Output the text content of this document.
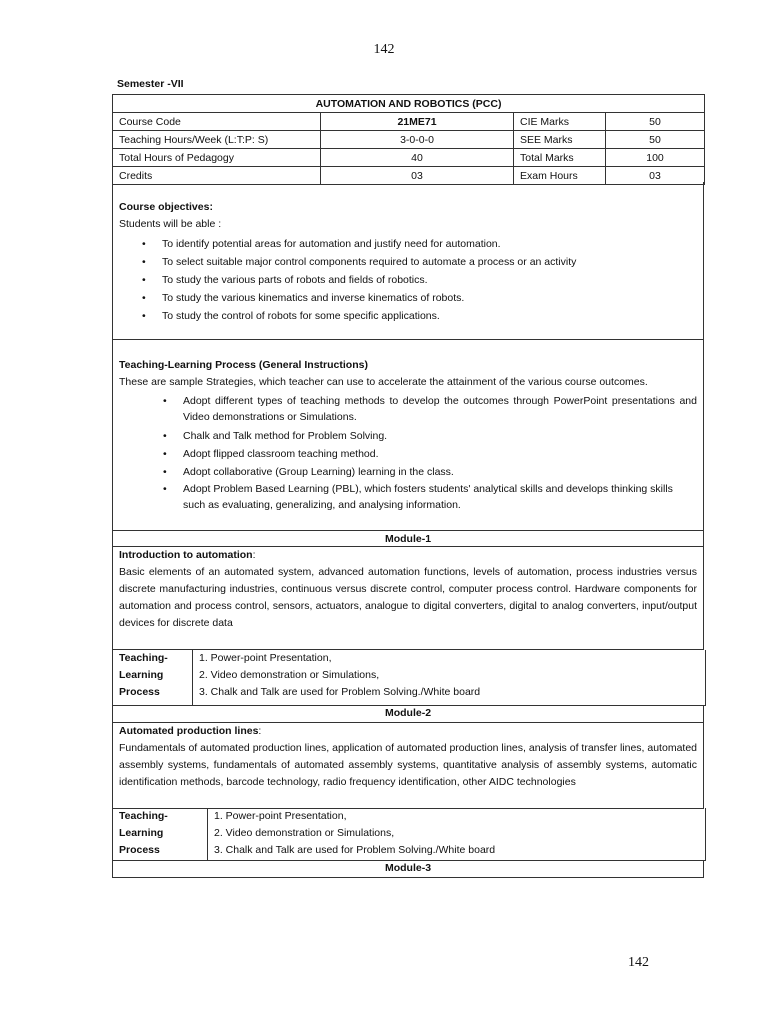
142
Semester -VII
AUTOMATION AND ROBOTICS (PCC)			
Course Code	21ME71	CIE Marks	50
Teaching Hours/Week (L:T:P: S)	3-0-0-0	SEE Marks	50
Total Hours of Pedagogy	40	Total Marks	100
Credits	03	Exam Hours	03

Course objectives:

Students will be able :

• To identify potential areas for automation and justify need for automation.
• To select suitable major control components required to automate a process or an activity
• To study the various parts of robots and fields of robotics.
• To study the various kinematics and inverse kinematics of robots.
• To study the control of robots for some specific applications.

Teaching-Learning Process (General Instructions)

These are sample Strategies, which teacher can use to accelerate the attainment of the various course outcomes.

• Adopt different types of teaching methods to develop the outcomes through PowerPoint presentations and Video demonstrations or Simulations.
• Chalk and Talk method for Problem Solving.
• Adopt flipped classroom teaching method.
• Adopt collaborative (Group Learning) learning in the class.
• Adopt Problem Based Learning (PBL), which fosters students' analytical skills and develops thinking skills such as evaluating, generalizing, and analysing information.
Module-1

Introduction to automation:

Basic elements of an automated system, advanced automation functions, levels of automation, process industries versus discrete manufacturing industries, continuous versus discrete control, computer process control. Hardware components for automation and process control, sensors, actuators, analogue to digital converters, digital to analog converters, input/output devices for discrete data

Teaching-
Learning
Process
1. Power-point Presentation,
2. Video demonstration or Simulations,
3. Chalk and Talk are used for Problem Solving./White board
Module-2

Automated production lines:

Fundamentals of automated production lines, application of automated production lines, analysis of transfer lines, automated assembly systems, fundamentals of automated assembly systems, quantitative analysis of assembly systems, automatic identification methods, barcode technology, radio frequency identification, other AIDC technologies

Teaching-
Learning Process
1. Power-point Presentation,
2. Video demonstration or Simulations,
3. Chalk and Talk are used for Problem Solving./White board
Module-3
142
